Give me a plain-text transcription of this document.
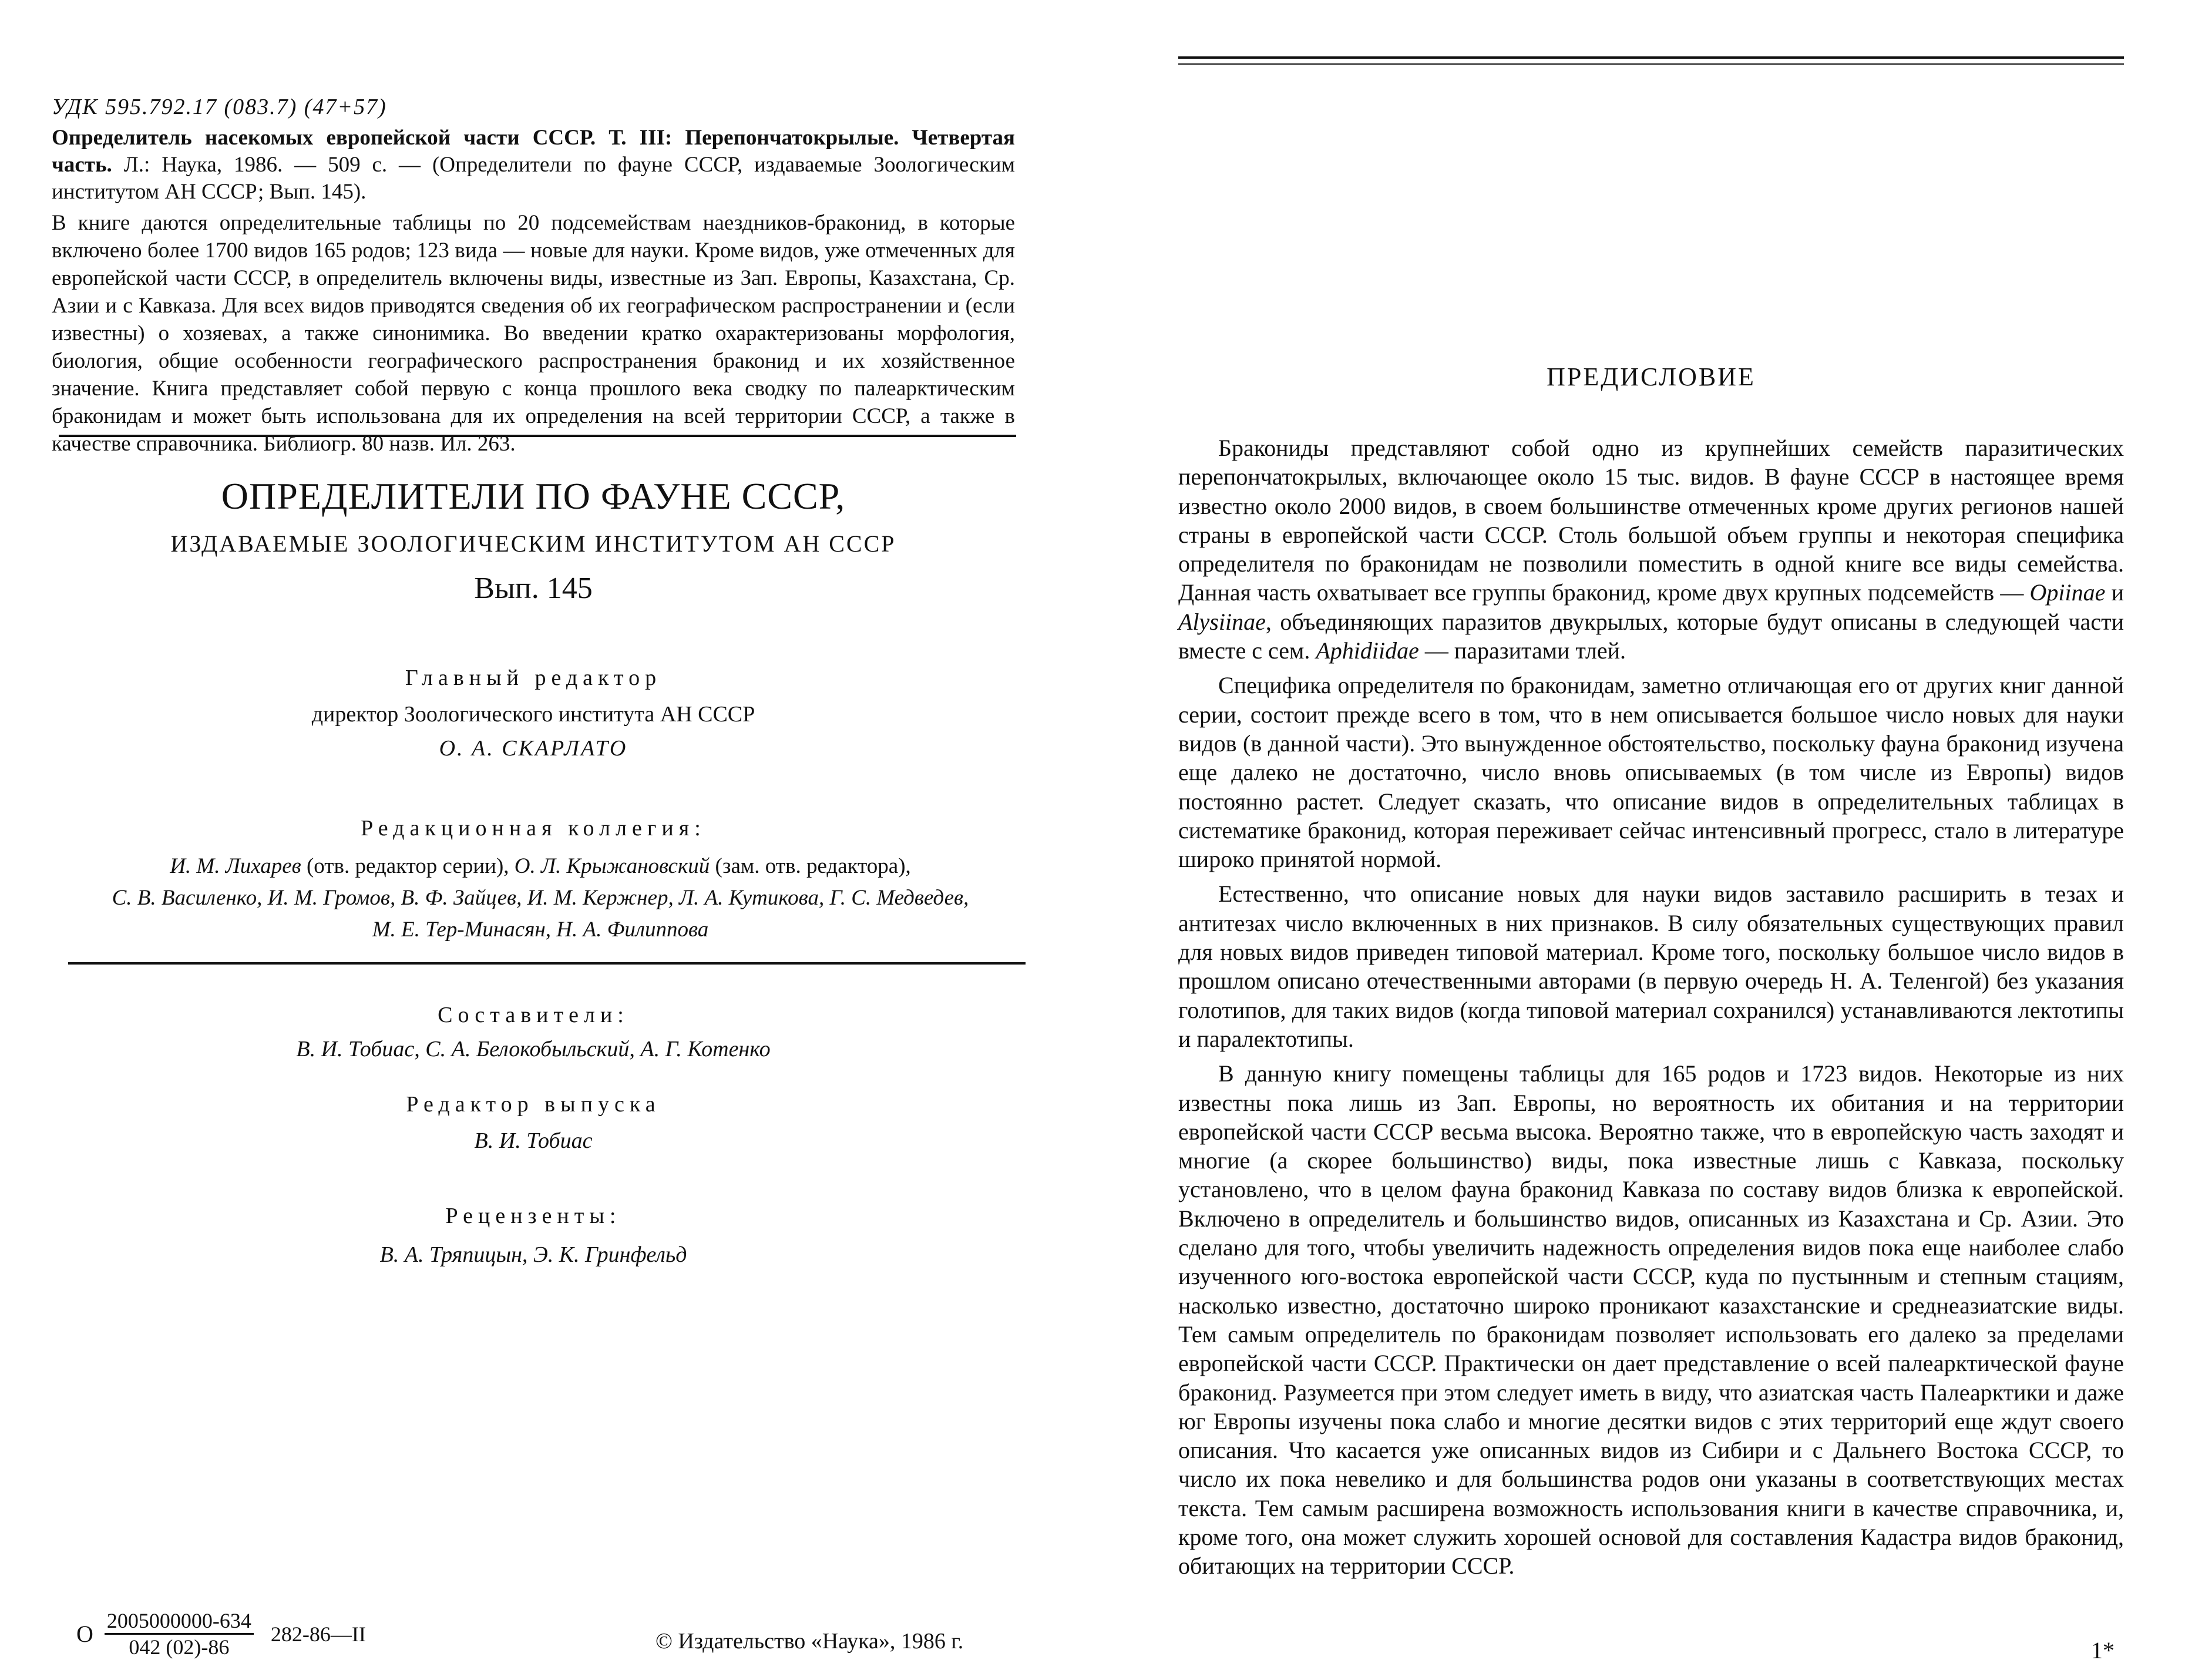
УДК 595.792.17 (083.7) (47+57)
Определитель насекомых европейской части СССР. Т. III: Перепончатокрылые. Четвертая часть. Л.: Наука, 1986. — 509 с. — (Определители по фауне СССР, издаваемые Зоологическим институтом АН СССР; Вып. 145).
В книге даются определительные таблицы по 20 подсемействам наездников-браконид, в которые включено более 1700 видов 165 родов; 123 вида — новые для науки. Кроме видов, уже отмеченных для европейской части СССР, в определитель включены виды, известные из Зап. Европы, Казахстана, Ср. Азии и с Кавказа. Для всех видов приводятся сведения об их географическом распространении и (если известны) о хозяевах, а также синонимика. Во введении кратко охарактеризованы морфология, биология, общие особенности географического распространения браконид и их хозяйственное значение. Книга представляет собой первую с конца прошлого века сводку по палеарктическим браконидам и может быть использована для их определения на всей территории СССР, а также в качестве справочника. Библиогр. 80 назв. Ил. 263.
ОПРЕДЕЛИТЕЛИ ПО ФАУНЕ СССР,
ИЗДАВАЕМЫЕ ЗООЛОГИЧЕСКИМ ИНСТИТУТОМ АН СССР
Вып. 145
Главный редактор
директор Зоологического института АН СССР
О. А. СКАРЛАТО
Редакционная коллегия:
И. М. Лихарев (отв. редактор серии), О. Л. Крыжановский (зам. отв. редактора),
С. В. Василенко, И. М. Громов, В. Ф. Зайцев, И. М. Кержнер, Л. А. Кутикова, Г. С. Медведев,
М. Е. Тер-Минасян, Н. А. Филиппова
Составители:
В. И. Тобиас, С. А. Белокобыльский, А. Г. Котенко
Редактор выпуска
В. И. Тобиас
Рецензенты:
В. А. Тряпицын, Э. К. Гринфельд
О $\frac{2005000000-634}{042 (02)-86}$ 282-86—II	© Издательство «Наука», 1986 г.
ПРЕДИСЛОВИЕ

Брaкониды представляют собой одно из крупнейших семейств паразитических перепончатокрылых, включающее около 15 тыс. видов. В фауне СССР в настоящее время известно около 2000 видов, в своем большинстве отмеченных кроме других регионов нашей страны в европейской части СССР. Столь большой объем группы и некоторая специфика определителя по браконидам не позволили поместить в одной книге все виды семейства. Данная часть охватывает все группы браконид, кроме двух крупных подсемейств — Opiinae и Alysiinae, объединяющих паразитов двукрылых, которые будут описаны в следующей части вместе с сем. Aphidiidae — паразитами тлей.

Специфика определителя по браконидам, заметно отличающая его от других книг данной серии, состоит прежде всего в том, что в нем описывается большое число новых для науки видов (в данной части). Это вынужденное обстоятельство, поскольку фауна браконид изучена еще далеко не достаточно, число вновь описываемых (в том числе из Европы) видов постоянно растет. Следует сказать, что описание видов в определительных таблицах в систематике браконид, которая переживает сейчас интенсивный прогресс, стало в литературе широко принятой нормой.

Естественно, что описание новых для науки видов заставило расширить в тезах и антитезах число включенных в них признаков. В силу обязательных существующих правил для новых видов приведен типовой материал. Кроме того, поскольку большое число видов в прошлом описано отечественными авторами (в первую очередь Н. А. Теленгой) без указания голотипов, для таких видов (когда типовой материал сохранился) устанавливаются лектотипы и паралектотипы.

В данную книгу помещены таблицы для 165 родов и 1723 видов. Некоторые из них известны пока лишь из Зап. Европы, но вероятность их обитания и на территории европейской части СССР весьма высока. Вероятно также, что в европейскую часть заходят и многие (а скорее большинство) виды, пока известные лишь с Кавказа, поскольку установлено, что в целом фауна браконид Кавказа по составу видов близка к европейской. Включено в определитель и большинство видов, описанных из Казахстана и Ср. Азии. Это сделано для того, чтобы увеличить надежность определения видов пока еще наиболее слабо изученного юго-востока европейской части СССР, куда по пустынным и степным стациям, насколько известно, достаточно широко проникают казахстанские и среднеазиатские виды. Тем самым определитель по браконидам позволяет использовать его далеко за пределами европейской части СССР. Практически он дает представление о всей палеарктической фауне браконид. Разумеется при этом следует иметь в виду, что азиатская часть Палеарктики и даже юг Европы изучены пока слабо и многие десятки видов с этих территорий еще ждут своего описания. Что касается уже описанных видов из Сибири и с Дальнего Востока СССР, то число их пока невелико и для большинства родов они указаны в соответствующих местах текста. Тем самым расширена возможность использования книги в качестве справочника, и, кроме того, она может служить хорошей основой для составления Кадастра видов браконид, обитающих на территории СССР.

1*
